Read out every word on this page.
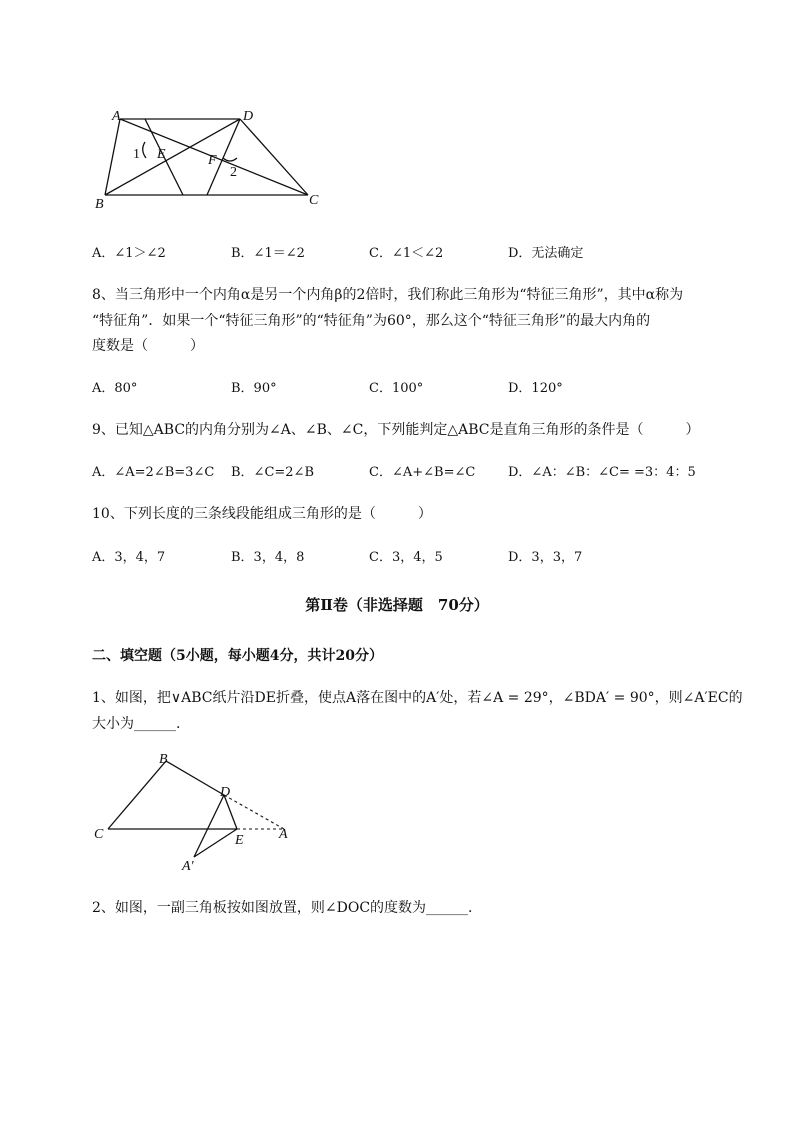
A	D
B	C
E	F
1
2
A．∠1＞∠2	B．∠1＝∠2	C．∠1＜∠2	D．无法确定
8、当三角形中一个内角α是另一个内角β的2倍时，我们称此三角形为“特征三角形”，其中α称为
“特征角”．如果一个“特征三角形”的“特征角”为60°，那么这个“特征三角形”的最大内角的
度数是（　　　）
A．80°	B．90°	C．100°	D．120°
9、已知△ABC的内角分别为∠A、∠B、∠C，下列能判定△ABC是直角三角形的条件是（　　　）
A．∠A=2∠B=3∠C B．∠C=2∠B	C．∠A+∠B=∠C	D．∠A：∠B：∠C= =3：4：5
10、下列长度的三条线段能组成三角形的是（　　　）
A．3，4，7	B．3，4，8	C．3，4，5	D．3，3，7
第Ⅱ卷（非选择题　70分）
二、填空题（5小题，每小题4分，共计20分）
1、如图，把∨ABC纸片沿DE折叠，使点A落在图中的A′处，若∠A = 29°，∠BDA′ = 90°，则∠A′EC的
大小为______.
B
D
C	E	A
A′
2、如图，一副三角板按如图放置，则∠DOC的度数为______.
